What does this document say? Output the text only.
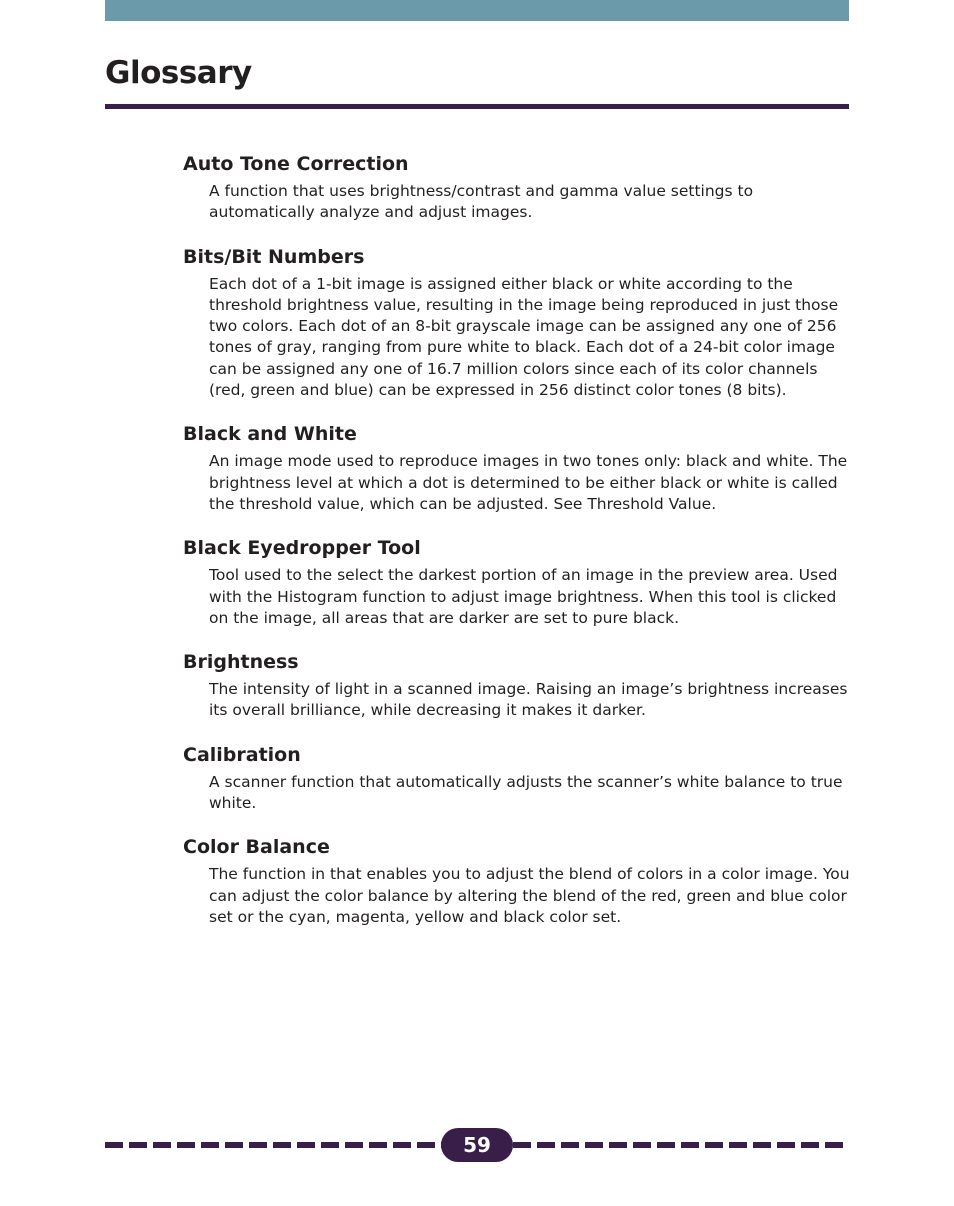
Glossary
Auto Tone Correction
A function that uses brightness/contrast and gamma value settings to automatically analyze and adjust images.
Bits/Bit Numbers
Each dot of a 1-bit image is assigned either black or white according to the threshold brightness value, resulting in the image being reproduced in just those two colors. Each dot of an 8-bit grayscale image can be assigned any one of 256 tones of gray, ranging from pure white to black. Each dot of a 24-bit color image can be assigned any one of 16.7 million colors since each of its color channels (red, green and blue) can be expressed in 256 distinct color tones (8 bits).
Black and White
An image mode used to reproduce images in two tones only: black and white. The brightness level at which a dot is determined to be either black or white is called the threshold value, which can be adjusted. See Threshold Value.
Black Eyedropper Tool
Tool used to the select the darkest portion of an image in the preview area. Used with the Histogram function to adjust image brightness. When this tool is clicked on the image, all areas that are darker are set to pure black.
Brightness
The intensity of light in a scanned image. Raising an image’s brightness increases its overall brilliance, while decreasing it makes it darker.
Calibration
A scanner function that automatically adjusts the scanner’s white balance to true white.
Color Balance
The function in that enables you to adjust the blend of colors in a color image. You can adjust the color balance by altering the blend of the red, green and blue color set or the cyan, magenta, yellow and black color set.
59
